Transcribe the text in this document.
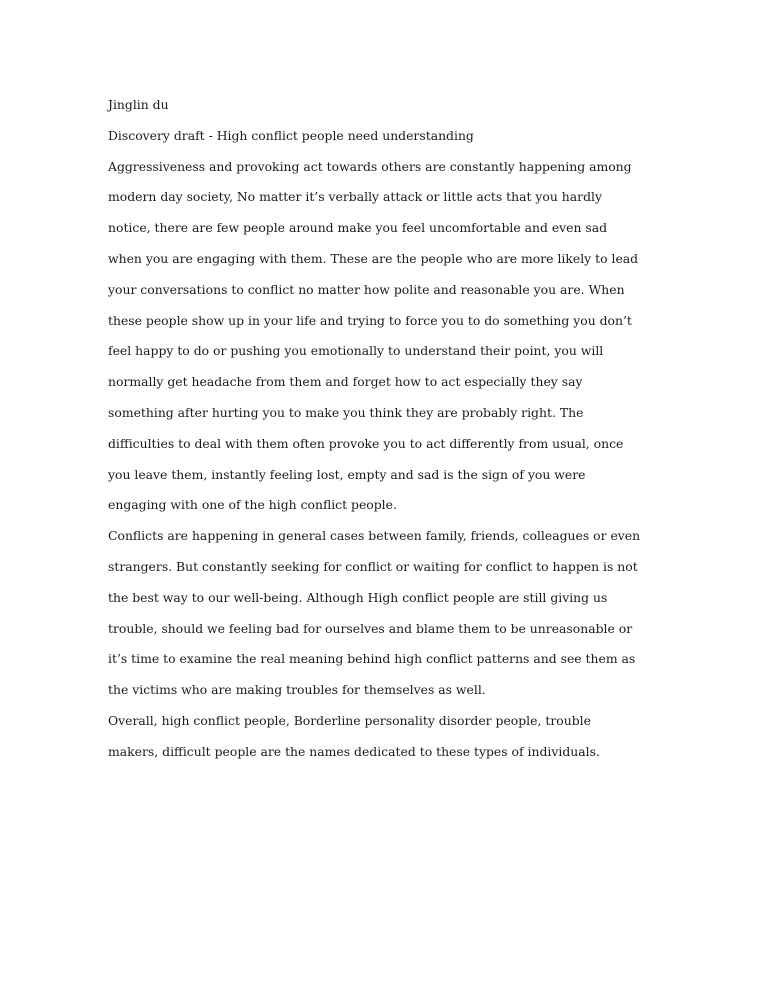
Jinglin du
Discovery draft - High conflict people need understanding
Aggressiveness and provoking act towards others are constantly happening among
modern day society, No matter it’s verbally attack or little acts that you hardly
notice, there are few people around make you feel uncomfortable and even sad
when you are engaging with them. These are the people who are more likely to lead
your conversations to conflict no matter how polite and reasonable you are. When
these people show up in your life and trying to force you to do something you don’t
feel happy to do or pushing you emotionally to understand their point, you will
normally get headache from them and forget how to act especially they say
something after hurting you to make you think they are probably right. The
difficulties to deal with them often provoke you to act differently from usual, once
you leave them, instantly feeling lost, empty and sad is the sign of you were
engaging with one of the high conflict people.
Conflicts are happening in general cases between family, friends, colleagues or even
strangers. But constantly seeking for conflict or waiting for conflict to happen is not
the best way to our well-being. Although High conflict people are still giving us
trouble, should we feeling bad for ourselves and blame them to be unreasonable or
it’s time to examine the real meaning behind high conflict patterns and see them as
the victims who are making troubles for themselves as well.
Overall, high conflict people, Borderline personality disorder people, trouble
makers, difficult people are the names dedicated to these types of individuals.
